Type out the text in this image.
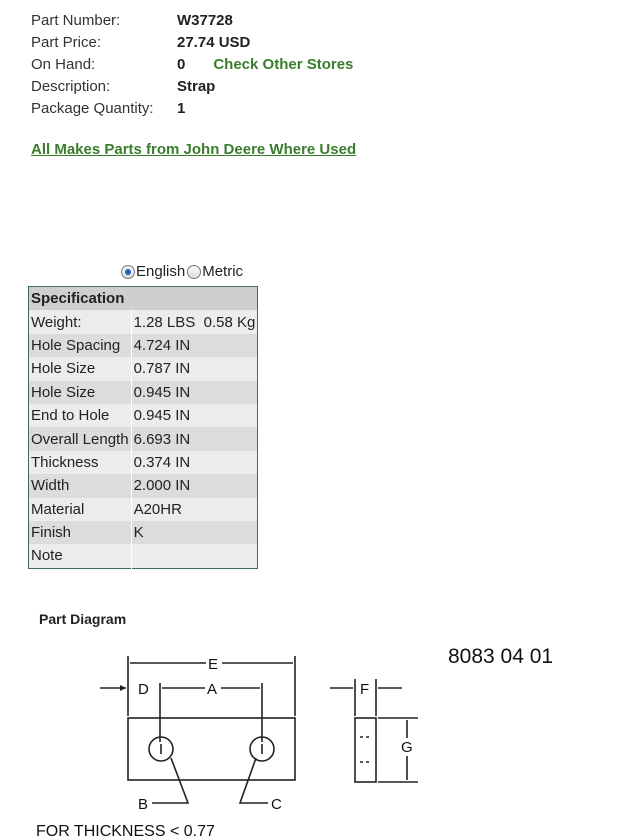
Part Number:	W37728
Part Price:	27.74 USD
On Hand:	0 Check Other Stores
Description:	Strap
Package Quantity:	1
All Makes Parts from John Deere Where Used
English Metric
Specification	
Weight:	1.28 LBS  0.58 Kg
Hole Spacing	4.724 IN
Hole Size	0.787 IN
Hole Size	0.945 IN
End to Hole	0.945 IN
Overall Length	6.693 IN
Thickness	0.374 IN
Width	2.000 IN
Material	A20HR
Finish	K
Note	
Part Diagram
8083 04 01
E
D	A
B	C
F
G
FOR THICKNESS < 0.77
